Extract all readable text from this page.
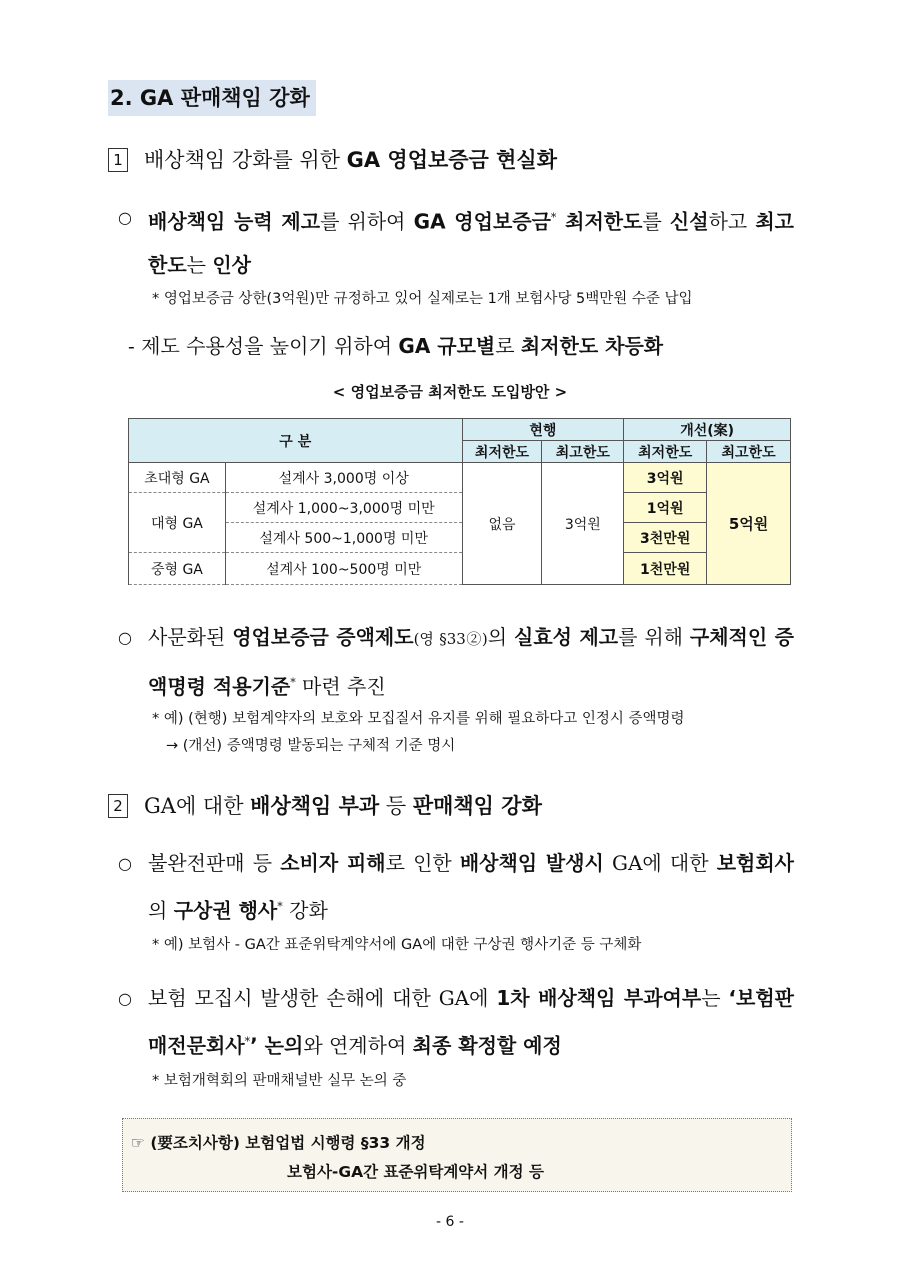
2. GA 판매책임 강화
1 배상책임 강화를 위한 GA 영업보증금 현실화
○ 배상책임 능력 제고를 위하여 GA 영업보증금* 최저한도를 신설하고 최고한도는 인상
* 영업보증금 상한(3억원)만 규정하고 있어 실제로는 1개 보험사당 5백만원 수준 납입
- 제도 수용성을 높이기 위하여 GA 규모별로 최저한도 차등화
< 영업보증금 최저한도 도입방안 >
구 분		현행		개선(案)	
		최저한도	최고한도	최저한도	최고한도
초대형 GA	설계사 3,000명 이상	없음	3억원	3억원	5억원
대형 GA	설계사 1,000~3,000명 미만			1억원	
	설계사 500~1,000명 미만			3천만원	
중형 GA	설계사 100~500명 미만			1천만원	
○ 사문화된 영업보증금 증액제도(영 §33②)의 실효성 제고를 위해 구체적인 증액명령 적용기준* 마련 추진
* 예) (현행) 보험계약자의 보호와 모집질서 유지를 위해 필요하다고 인정시 증액명령
→ (개선) 증액명령 발동되는 구체적 기준 명시
2 GA에 대한 배상책임 부과 등 판매책임 강화
○ 불완전판매 등 소비자 피해로 인한 배상책임 발생시 GA에 대한 보험회사의 구상권 행사* 강화
* 예) 보험사 - GA간 표준위탁계약서에 GA에 대한 구상권 행사기준 등 구체화
○ 보험 모집시 발생한 손해에 대한 GA에 1차 배상책임 부과여부는 ‘보험판매전문회사*’ 논의와 연계하여 최종 확정할 예정
* 보험개혁회의 판매채널반 실무 논의 중
☞ (要조치사항) 보험업법 시행령 §33 개정
보험사-GA간 표준위탁계약서 개정 등
- 6 -
